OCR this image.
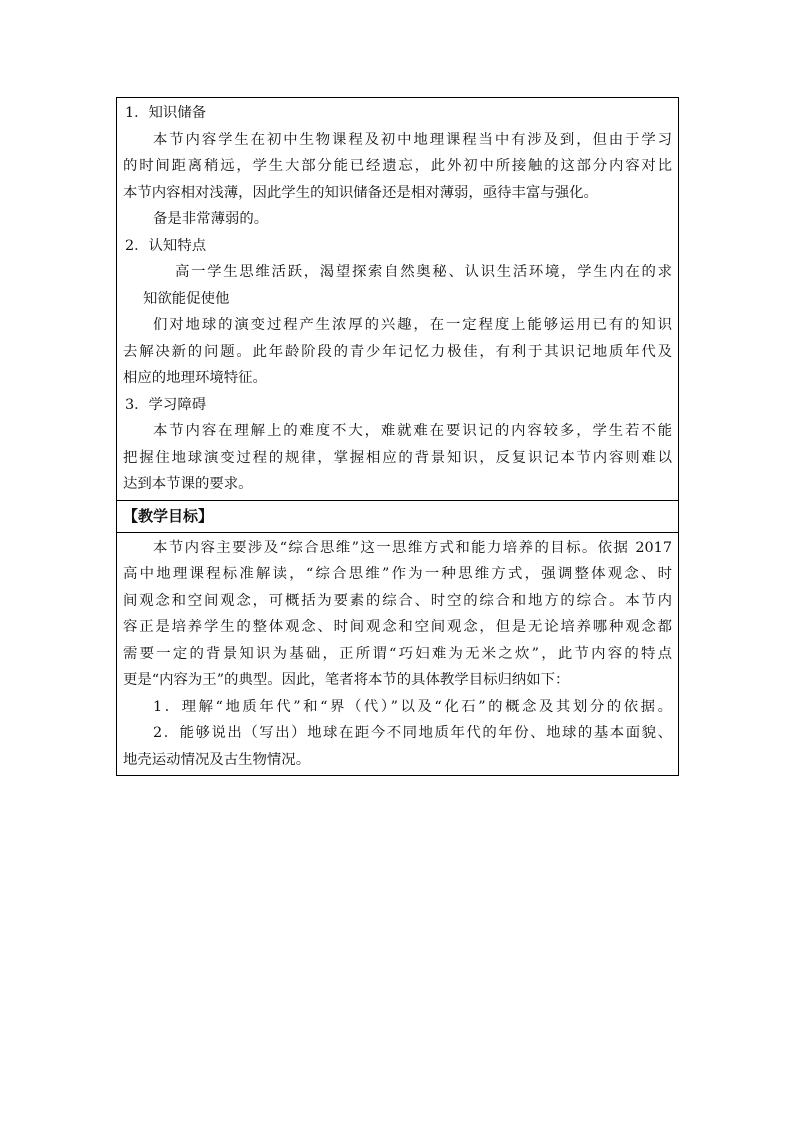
1．知识储备
本节内容学生在初中生物课程及初中地理课程当中有涉及到，但由于学习
的时间距离稍远，学生大部分能已经遗忘，此外初中所接触的这部分内容对比
本节内容相对浅薄，因此学生的知识储备还是相对薄弱，亟待丰富与强化。
备是非常薄弱的。
2．认知特点
高一学生思维活跃，渴望探索自然奥秘、认识生活环境，学生内在的求
知欲能促使他
们对地球的演变过程产生浓厚的兴趣，在一定程度上能够运用已有的知识
去解决新的问题。此年龄阶段的青少年记忆力极佳，有利于其识记地质年代及
相应的地理环境特征。
3．学习障碍
本节内容在理解上的难度不大，难就难在要识记的内容较多，学生若不能
把握住地球演变过程的规律，掌握相应的背景知识，反复识记本节内容则难以
达到本节课的要求。
【教学目标】
本节内容主要涉及“综合思维”这一思维方式和能力培养的目标。依据 2017
高中地理课程标准解读，“综合思维”作为一种思维方式，强调整体观念、时
间观念和空间观念，可概括为要素的综合、时空的综合和地方的综合。本节内
容正是培养学生的整体观念、时间观念和空间观念，但是无论培养哪种观念都
需要一定的背景知识为基础，正所谓“巧妇难为无米之炊”，此节内容的特点
更是“内容为王”的典型。因此，笔者将本节的具体教学目标归纳如下：
1．理解“地质年代”和“界（代）”以及“化石”的概念及其划分的依据。
2．能够说出（写出）地球在距今不同地质年代的年份、地球的基本面貌、
地壳运动情况及古生物情况。
